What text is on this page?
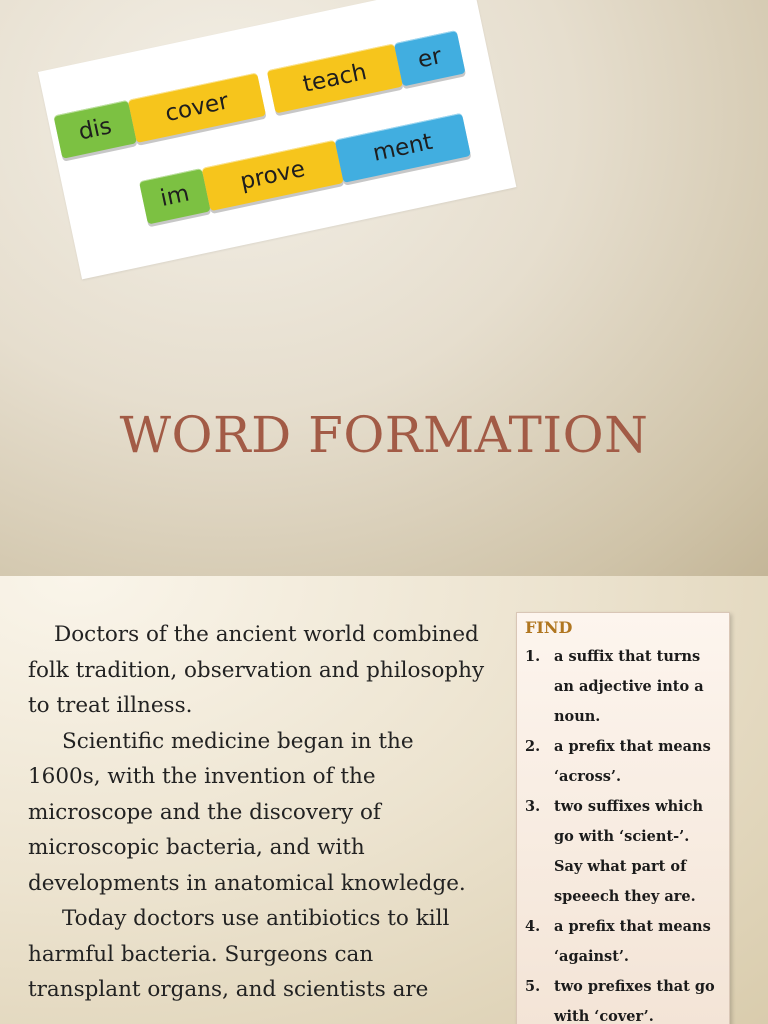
dis
cover
teach
er
im
prove
ment
WORD FORMATION

Doctors of the ancient world combined folk tradition, observation and philosophy to treat illness.

Scientific medicine began in the 1600s, with the invention of the microscope and the discovery of microscopic bacteria, and with developments in anatomical knowledge.

Today doctors use antibiotics to kill harmful bacteria. Surgeons can transplant organs, and scientists are

FIND
1. a suffix that turns an adjective into a noun.
2. a prefix that means ‘across’.
3. two suffixes which go with ‘scient-’. Say what part of speeech they are.
4. a prefix that means ‘against’.
5. two prefixes that go with ‘cover’.
